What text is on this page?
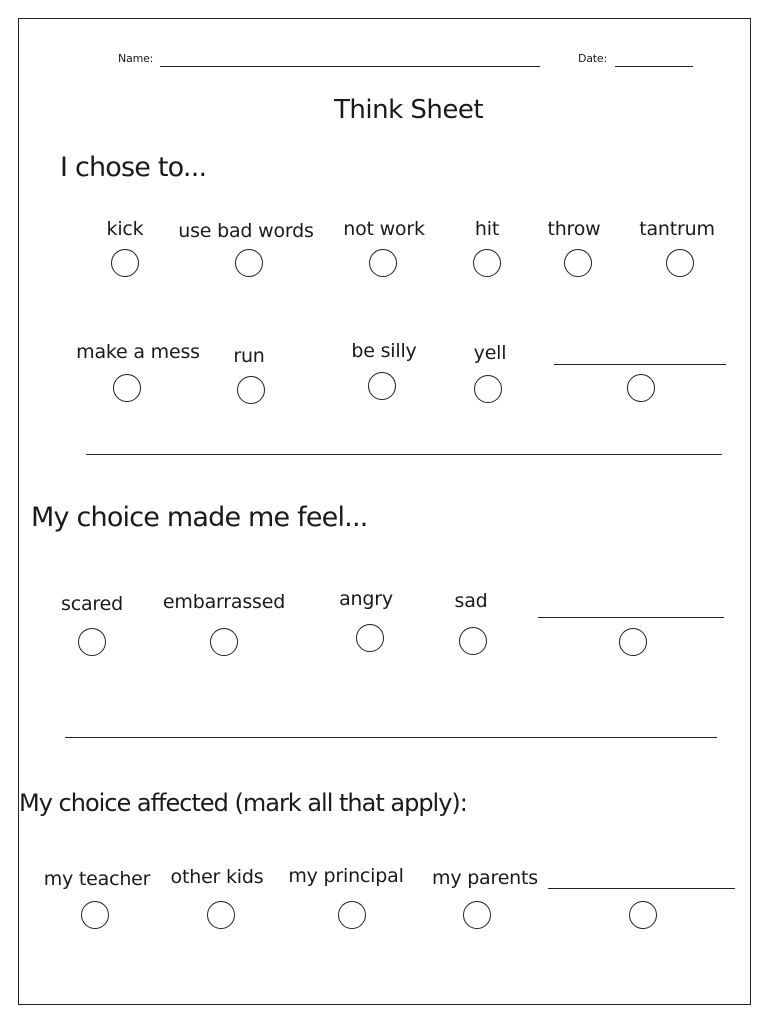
Name:	Date:
Think Sheet
I chose to...
kick use bad words not work	hit	throw tantrum
make a mess run	be silly	yell
My choice made me feel...
scared embarrassed	angry	sad
My choice affected (mark all that apply):
my teacher other kids my principal my parents
